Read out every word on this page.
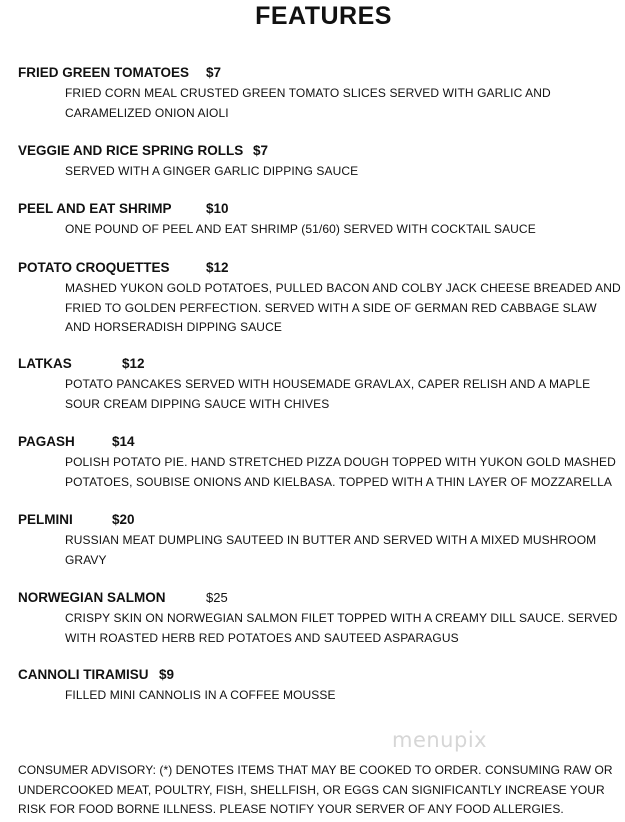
FEATURES
FRIED GREEN TOMATOES	$7
FRIED CORN MEAL CRUSTED GREEN TOMATO SLICES SERVED WITH GARLIC AND CARAMELIZED ONION AIOLI
VEGGIE AND RICE SPRING ROLLS $7
SERVED WITH A GINGER GARLIC DIPPING SAUCE
PEEL AND EAT SHRIMP	$10
ONE POUND OF PEEL AND EAT SHRIMP (51/60) SERVED WITH COCKTAIL SAUCE
POTATO CROQUETTES	$12
MASHED YUKON GOLD POTATOES, PULLED BACON AND COLBY JACK CHEESE BREADED AND FRIED TO GOLDEN PERFECTION. SERVED WITH A SIDE OF GERMAN RED CABBAGE SLAW AND HORSERADISH DIPPING SAUCE
LATKAS	$12
POTATO PANCAKES SERVED WITH HOUSEMADE GRAVLAX, CAPER RELISH AND A MAPLE SOUR CREAM DIPPING SAUCE WITH CHIVES
PAGASH	$14
POLISH POTATO PIE. HAND STRETCHED PIZZA DOUGH TOPPED WITH YUKON GOLD MASHED POTATOES, SOUBISE ONIONS AND KIELBASA. TOPPED WITH A THIN LAYER OF MOZZARELLA
PELMINI	$20
RUSSIAN MEAT DUMPLING SAUTEED IN BUTTER AND SERVED WITH A MIXED MUSHROOM GRAVY
NORWEGIAN SALMON	$25
CRISPY SKIN ON NORWEGIAN SALMON FILET TOPPED WITH A CREAMY DILL SAUCE. SERVED WITH ROASTED HERB RED POTATOES AND SAUTEED ASPARAGUS
CANNOLI TIRAMISU $9
FILLED MINI CANNOLIS IN A COFFEE MOUSSE
menupix
CONSUMER ADVISORY: (*) DENOTES ITEMS THAT MAY BE COOKED TO ORDER. CONSUMING RAW OR UNDERCOOKED MEAT, POULTRY, FISH, SHELLFISH, OR EGGS CAN SIGNIFICANTLY INCREASE YOUR RISK FOR FOOD BORNE ILLNESS. PLEASE NOTIFY YOUR SERVER OF ANY FOOD ALLERGIES.
